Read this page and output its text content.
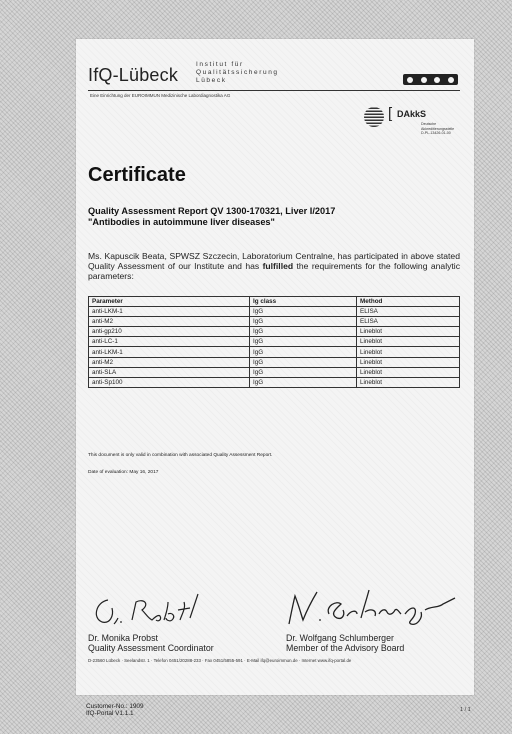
IfQ-Lübeck
Institut für
Qualitätssicherung
Lübeck
Eine Einrichtung der EUROIMMUN Medizinische Labordiagnostika AG
[ DAkkS
Deutsche
Akkreditierungsstelle
D-PL-13426-01-00
Certificate
Quality Assessment Report QV 1300-170321, Liver I/2017
"Antibodies in autoimmune liver diseases"
Ms. Kapuscik Beata, SPWSZ Szczecin, Laboratorium Centralne, has participated in above stated Quality Assessment of our Institute and has fulfilled the requirements for the following analytic parameters:
Parameter	Ig class	Method
anti-LKM-1	IgG	ELISA
anti-M2	IgG	ELISA
anti-gp210	IgG	Lineblot
anti-LC-1	IgG	Lineblot
anti-LKM-1	IgG	Lineblot
anti-M2	IgG	Lineblot
anti-SLA	IgG	Lineblot
anti-Sp100	IgG	Lineblot
This document is only valid in combination with associated Quality Assessment Report.
Date of evaluation: May 16, 2017
Dr. Monika Probst
Quality Assessment Coordinator
Dr. Wolfgang Schlumberger
Member of the Advisory Board
D-23560 Lübeck · Seelandstr. 1 · Telefon 0451/20288-233 · Fax 0451/5855-591 · E-Mail ifq@euroimmun.de · Internet www.ifq-portal.de
Customer-No.: 1909
IfQ-Portal V1.1.1	1 / 1
